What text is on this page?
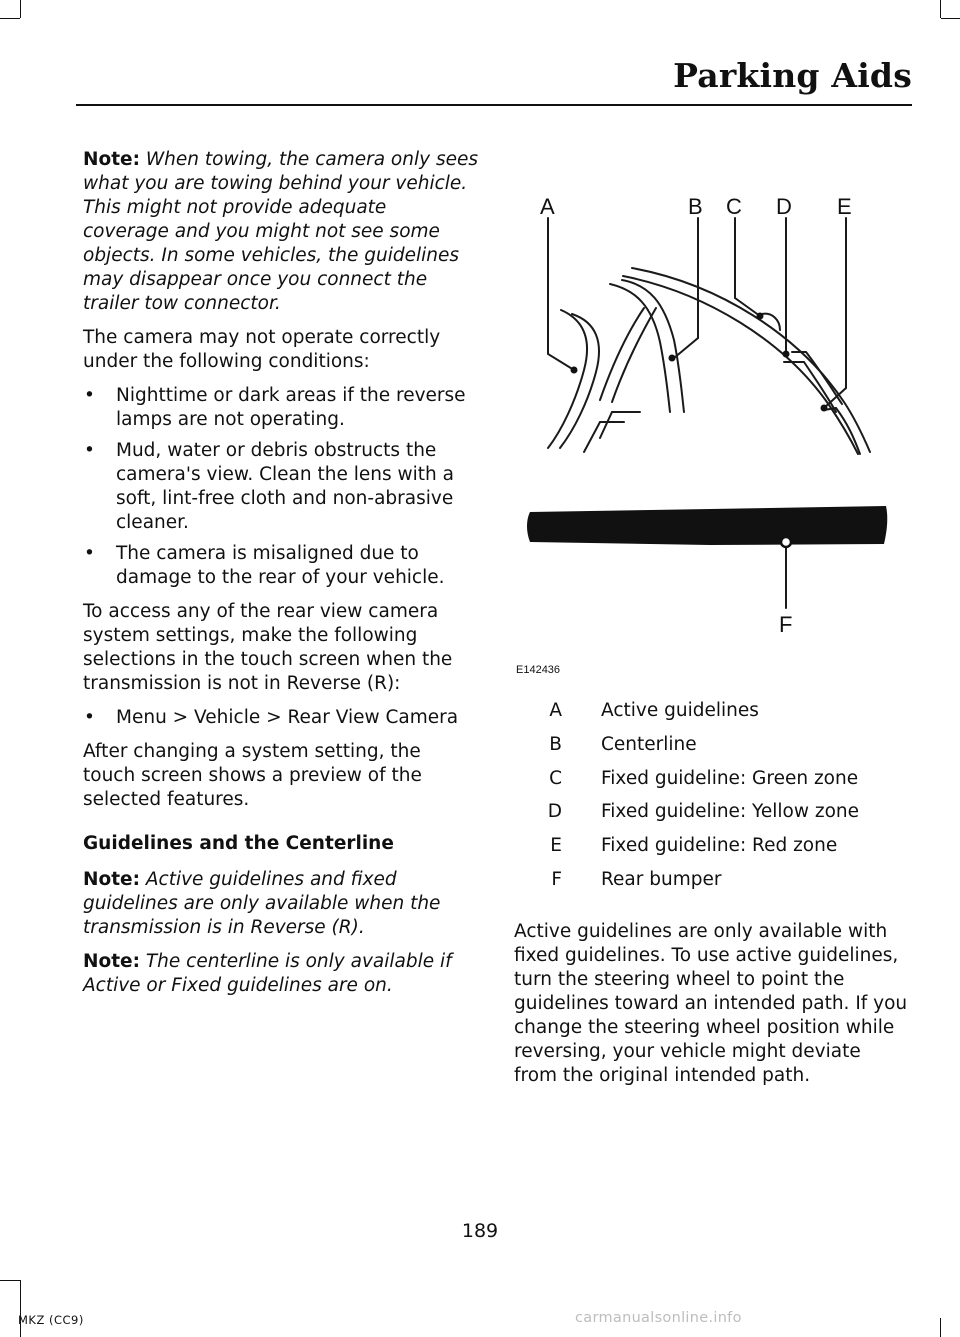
Parking Aids

Note: When towing, the camera only sees what you are towing behind your vehicle. This might not provide adequate coverage and you might not see some objects. In some vehicles, the guidelines may disappear once you connect the trailer tow connector.

The camera may not operate correctly under the following conditions:

• Nighttime or dark areas if the reverse lamps are not operating.
• Mud, water or debris obstructs the camera's view. Clean the lens with a soft, lint-free cloth and non-abrasive cleaner.
• The camera is misaligned due to damage to the rear of your vehicle.

To access any of the rear view camera system settings, make the following selections in the touch screen when the transmission is not in Reverse (R):

• Menu > Vehicle > Rear View Camera

After changing a system setting, the touch screen shows a preview of the selected features.

Guidelines and the Centerline

Note: Active guidelines and fixed guidelines are only available when the transmission is in Reverse (R).

Note: The centerline is only available if Active or Fixed guidelines are on.

A	B C D E
F
E142436
A Active guidelines
B Centerline
C Fixed guideline: Green zone
D Fixed guideline: Yellow zone
E Fixed guideline: Red zone
F Rear bumper

Active guidelines are only available with fixed guidelines. To use active guidelines, turn the steering wheel to point the guidelines toward an intended path. If you change the steering wheel position while reversing, your vehicle might deviate from the original intended path.

189
MKZ (CC9)	carmanualsonline.info
